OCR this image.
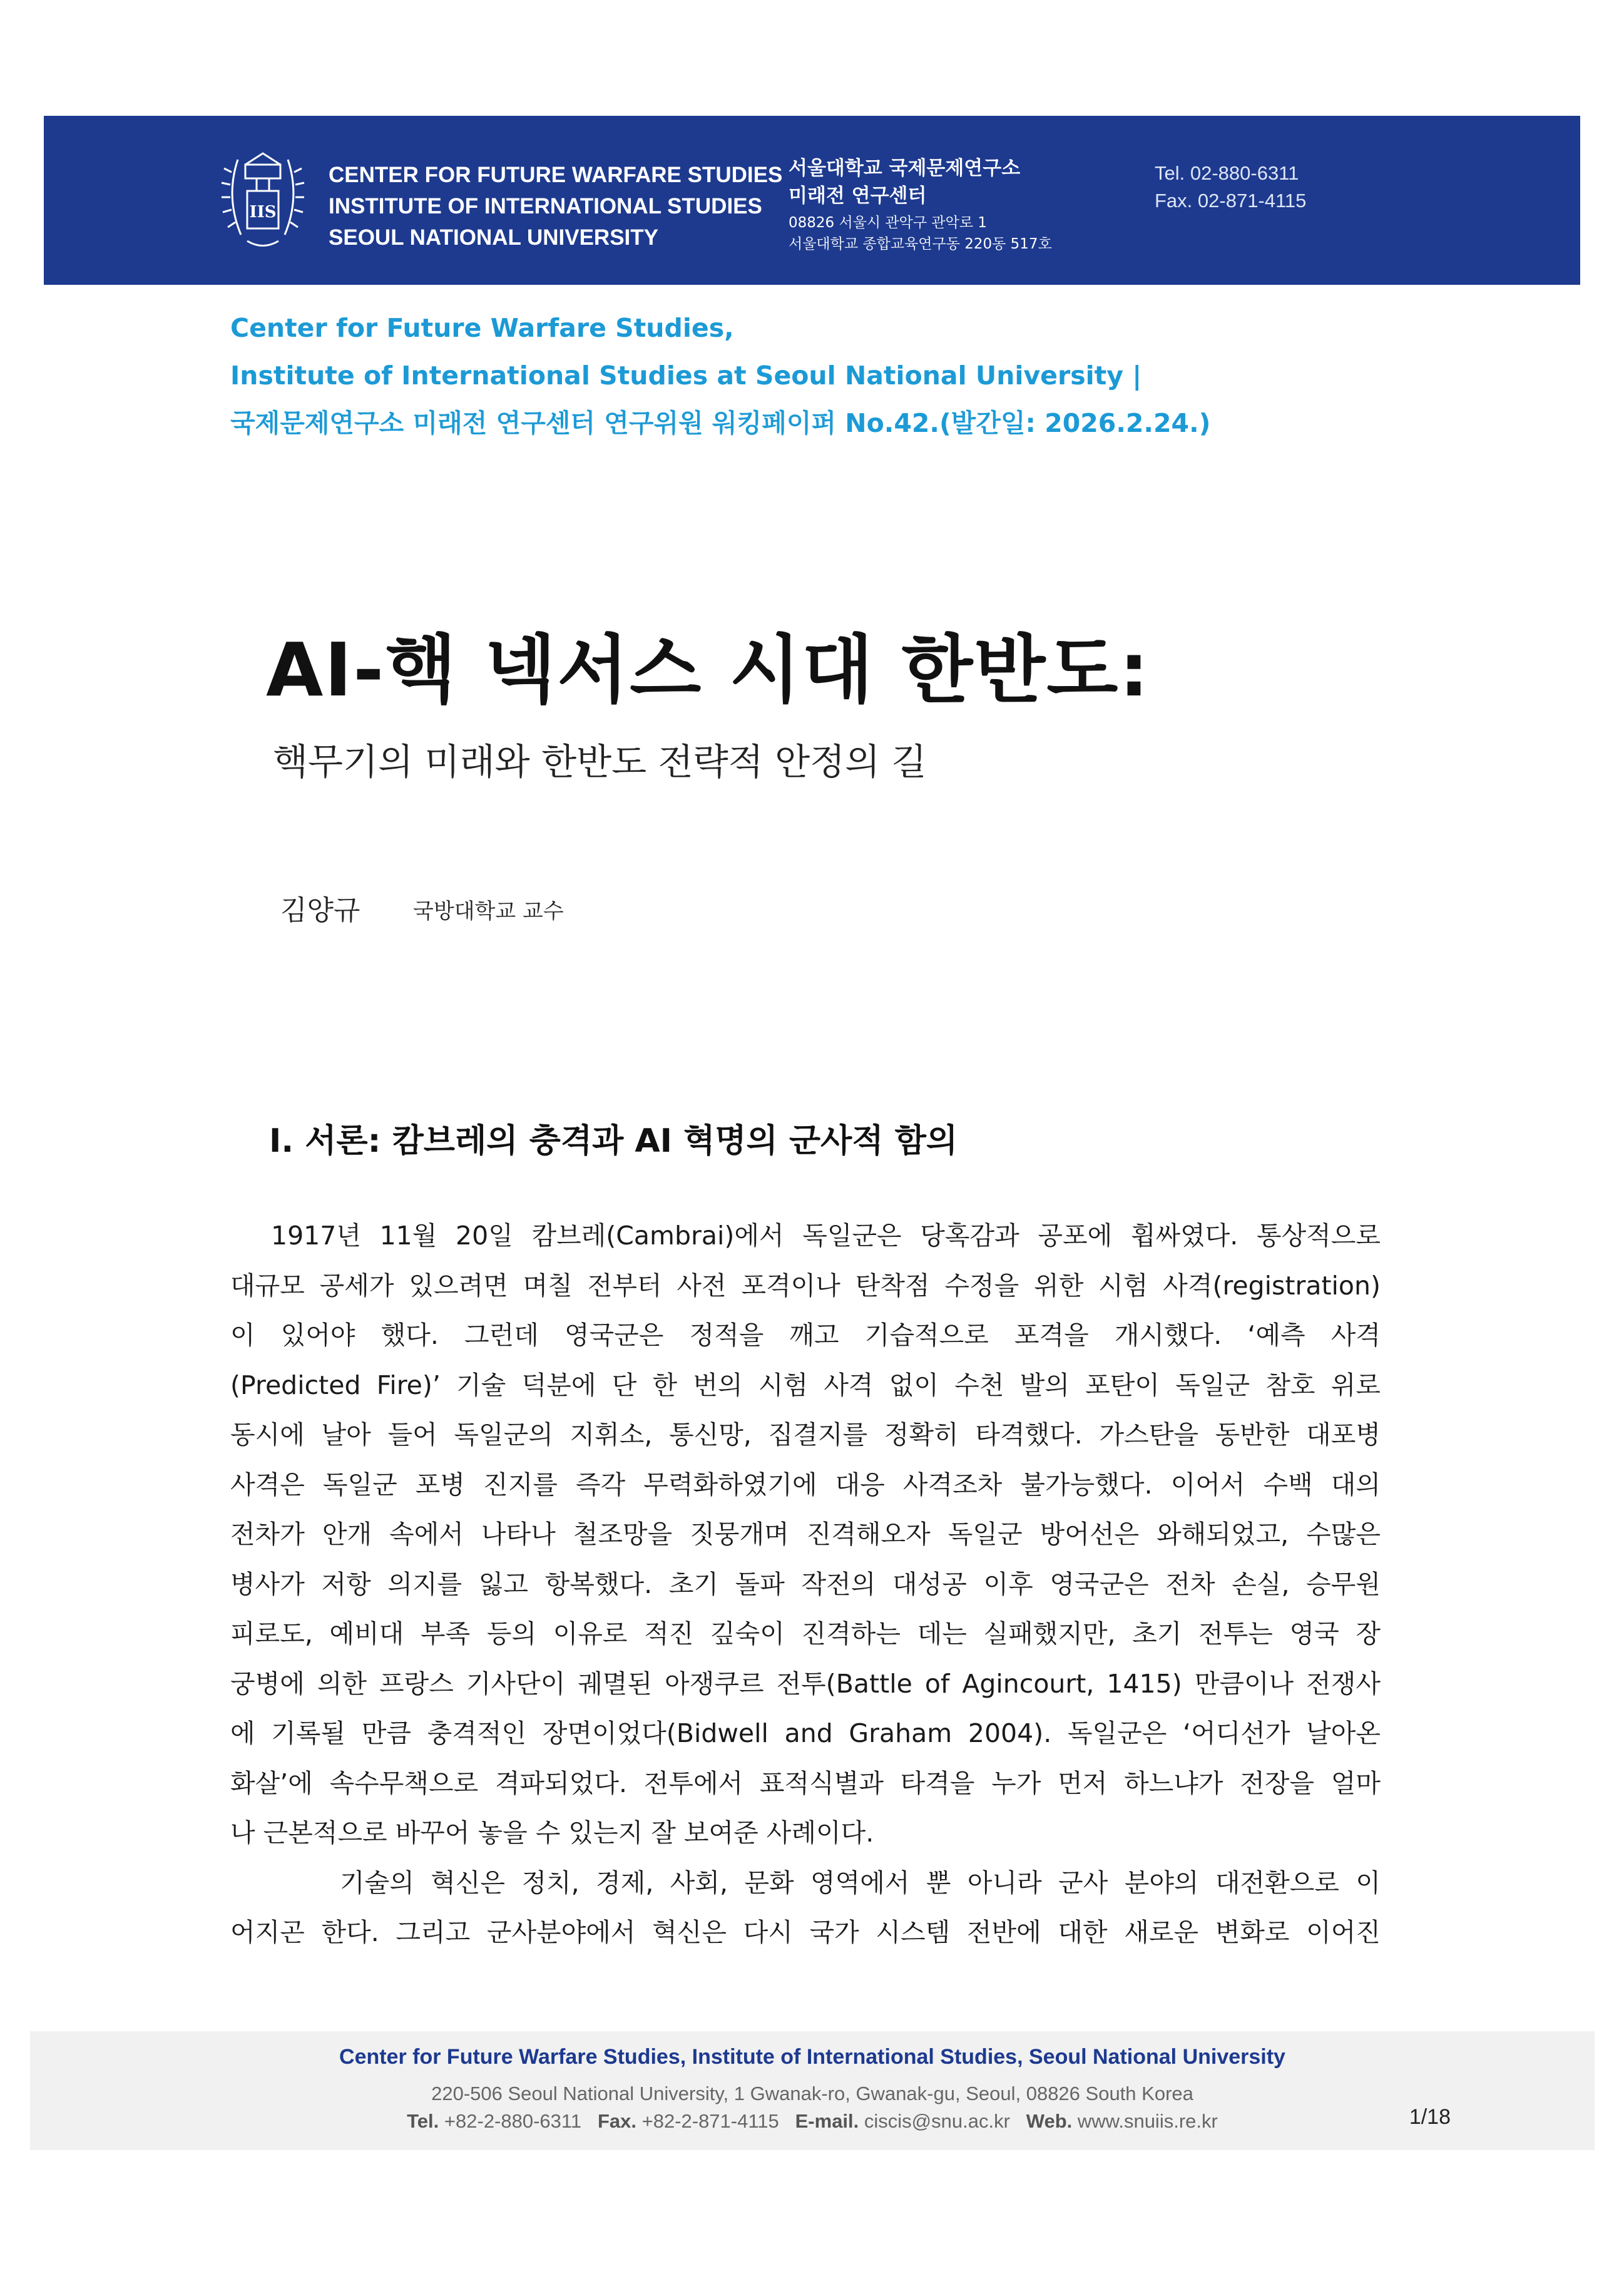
IIS
CENTER FOR FUTURE WARFARE STUDIES
INSTITUTE OF INTERNATIONAL STUDIES
SEOUL NATIONAL UNIVERSITY
서울대학교 국제문제연구소
미래전 연구센터
08826 서울시 관악구 관악로 1
서울대학교 종합교육연구동 220동 517호
Tel. 02-880-6311
Fax. 02-871-4115
Center for Future Warfare Studies,
Institute of International Studies at Seoul National University |
국제문제연구소 미래전 연구센터 연구위원 워킹페이퍼 No.42.(발간일: 2026.2.24.)
AI-핵 넥서스 시대 한반도:
핵무기의 미래와 한반도 전략적 안정의 길
김양규 국방대학교 교수
I. 서론: 캄브레의 충격과 AI 혁명의 군사적 함의

1917년 11월 20일 캄브레(Cambrai)에서 독일군은 당혹감과 공포에 휩싸였다. 통상적으로

대규모 공세가 있으려면 며칠 전부터 사전 포격이나 탄착점 수정을 위한 시험 사격(registration)

이 있어야 했다. 그런데 영국군은 정적을 깨고 기습적으로 포격을 개시했다. ‘예측 사격

(Predicted Fire)’ 기술 덕분에 단 한 번의 시험 사격 없이 수천 발의 포탄이 독일군 참호 위로

동시에 날아 들어 독일군의 지휘소, 통신망, 집결지를 정확히 타격했다. 가스탄을 동반한 대포병

사격은 독일군 포병 진지를 즉각 무력화하였기에 대응 사격조차 불가능했다. 이어서 수백 대의

전차가 안개 속에서 나타나 철조망을 짓뭉개며 진격해오자 독일군 방어선은 와해되었고, 수많은

병사가 저항 의지를 잃고 항복했다. 초기 돌파 작전의 대성공 이후 영국군은 전차 손실, 승무원

피로도, 예비대 부족 등의 이유로 적진 깊숙이 진격하는 데는 실패했지만, 초기 전투는 영국 장

궁병에 의한 프랑스 기사단이 궤멸된 아쟁쿠르 전투(Battle of Agincourt, 1415) 만큼이나 전쟁사

에 기록될 만큼 충격적인 장면이었다(Bidwell and Graham 2004). 독일군은 ‘어디선가 날아온

화살’에 속수무책으로 격파되었다. 전투에서 표적식별과 타격을 누가 먼저 하느냐가 전장을 얼마

나 근본적으로 바꾸어 놓을 수 있는지 잘 보여준 사례이다.

기술의 혁신은 정치, 경제, 사회, 문화 영역에서 뿐 아니라 군사 분야의 대전환으로 이

어지곤 한다. 그리고 군사분야에서 혁신은 다시 국가 시스템 전반에 대한 새로운 변화로 이어진

Center for Future Warfare Studies, Institute of International Studies, Seoul National University
220-506 Seoul National University, 1 Gwanak-ro, Gwanak-gu, Seoul, 08826 South Korea
Tel. +82-2-880-6311 Fax. +82-2-871-4115 E-mail. ciscis@snu.ac.kr Web. www.snuiis.re.kr	1/18
